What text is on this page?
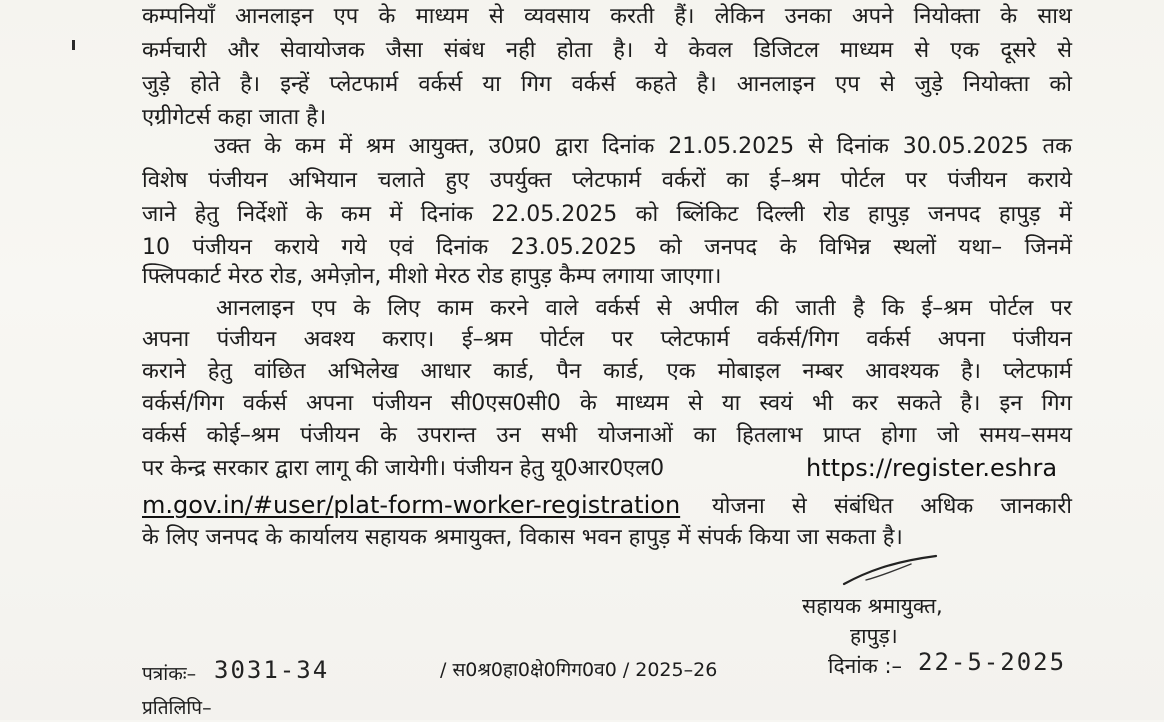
कम्पनियाँ आनलाइन एप के माध्यम से व्यवसाय करती हैं। लेकिन उनका अपने नियोक्ता के साथ
कर्मचारी और सेवायोजक जैसा संबंध नही होता है। ये केवल डिजिटल माध्यम से एक दूसरे से
जुड़े होते है। इन्हें प्लेटफार्म वर्कर्स या गिग वर्कर्स कहते है। आनलाइन एप से जुड़े नियोक्ता को
एग्रीगेटर्स कहा जाता है।
उक्त के कम में श्रम आयुक्त, उ0प्र0 द्वारा दिनांक 21.05.2025 से दिनांक 30.05.2025 तक
विशेष पंजीयन अभियान चलाते हुए उपर्युक्त प्लेटफार्म वर्करों का ई–श्रम पोर्टल पर पंजीयन कराये
जाने हेतु निर्देशों के कम में दिनांक 22.05.2025 को ब्लिंकिट दिल्ली रोड हापुड़ जनपद हापुड़ में
10 पंजीयन कराये गये एवं दिनांक 23.05.2025 को जनपद के विभिन्न स्थलों यथा– जिनमें
फ्लिपकार्ट मेरठ रोड, अमेज़ोन, मीशो मेरठ रोड हापुड़ कैम्प लगाया जाएगा।
आनलाइन एप के लिए काम करने वाले वर्कर्स से अपील की जाती है कि ई–श्रम पोर्टल पर
अपना पंजीयन अवश्य कराए। ई–श्रम पोर्टल पर प्लेटफार्म वर्कर्स/गिग वर्कर्स अपना पंजीयन
कराने हेतु वांछित अभिलेख आधार कार्ड, पैन कार्ड, एक मोबाइल नम्बर आवश्यक है। प्लेटफार्म
वर्कर्स/गिग वर्कर्स अपना पंजीयन सी0एस0सी0 के माध्यम से या स्वयं भी कर सकते है। इन गिग
वर्कर्स कोई–श्रम पंजीयन के उपरान्त उन सभी योजनाओं का हितलाभ प्राप्त होगा जो समय–समय
पर केन्द्र सरकार द्वारा लागू की जायेगी। पंजीयन हेतु यू0आर0एल0	https://register.eshra
m.gov.in/#user/plat-form-worker-registration योजना से संबंधित अधिक जानकारी
के लिए जनपद के कार्यालय सहायक श्रमायुक्त, विकास भवन हापुड़ में संपर्क किया जा सकता है।
सहायक श्रमायुक्त,
हापुड़।
दिनांक :– 22-5-2025
पत्रांकः– 3031-34	/ स0श्र0हा0क्षे0गिग0व0 / 2025–26
प्रतिलिपि–
